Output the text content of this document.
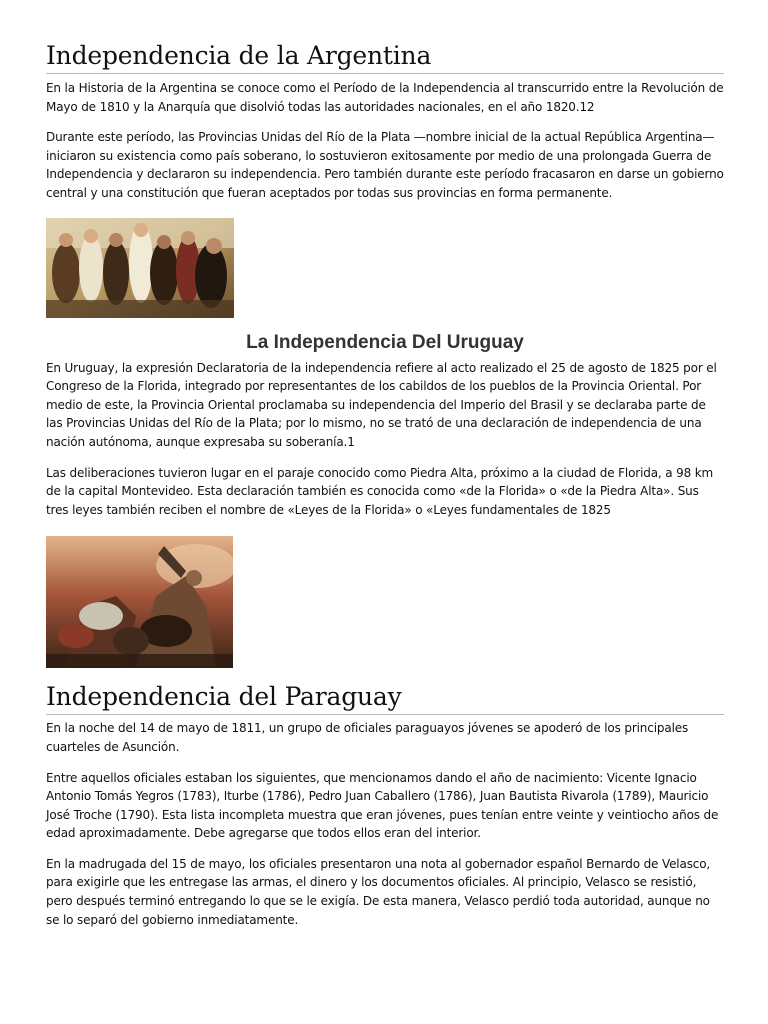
Independencia de la Argentina

En la Historia de la Argentina se conoce como el Período de la Independencia al transcurrido entre la Revolución de Mayo de 1810 y la Anarquía que disolvió todas las autoridades nacionales, en el año 1820.12

Durante este período, las Provincias Unidas del Río de la Plata —nombre inicial de la actual República Argentina— iniciaron su existencia como país soberano, lo sostuvieron exitosamente por medio de una prolongada Guerra de Independencia y declararon su independencia. Pero también durante este período fracasaron en darse un gobierno central y una constitución que fueran aceptados por todas sus provincias en forma permanente.

La Independencia Del Uruguay

En Uruguay, la expresión Declaratoria de la independencia refiere al acto realizado el 25 de agosto de 1825 por el Congreso de la Florida, integrado por representantes de los cabildos de los pueblos de la Provincia Oriental. Por medio de este, la Provincia Oriental proclamaba su independencia del Imperio del Brasil y se declaraba parte de las Provincias Unidas del Río de la Plata; por lo mismo, no se trató de una declaración de independencia de una nación autónoma, aunque expresaba su soberanía.1

Las deliberaciones tuvieron lugar en el paraje conocido como Piedra Alta, próximo a la ciudad de Florida, a 98 km de la capital Montevideo. Esta declaración también es conocida como «de la Florida» o «de la Piedra Alta». Sus tres leyes también reciben el nombre de «Leyes de la Florida» o «Leyes fundamentales de 1825

Independencia del Paraguay

En la noche del 14 de mayo de 1811, un grupo de oficiales paraguayos jóvenes se apoderó de los principales cuarteles de Asunción.

Entre aquellos oficiales estaban los siguientes, que mencionamos dando el año de nacimiento: Vicente Ignacio Antonio Tomás Yegros (1783), Iturbe (1786), Pedro Juan Caballero (1786), Juan Bautista Rivarola (1789), Mauricio José Troche (1790). Esta lista incompleta muestra que eran jóvenes, pues tenían entre veinte y veintiocho años de edad aproximadamente. Debe agregarse que todos ellos eran del interior.

En la madrugada del 15 de mayo, los oficiales presentaron una nota al gobernador español Bernardo de Velasco, para exigirle que les entregase las armas, el dinero y los documentos oficiales. Al principio, Velasco se resistió, pero después terminó entregando lo que se le exigía. De esta manera, Velasco perdió toda autoridad, aunque no se lo separó del gobierno inmediatamente.
